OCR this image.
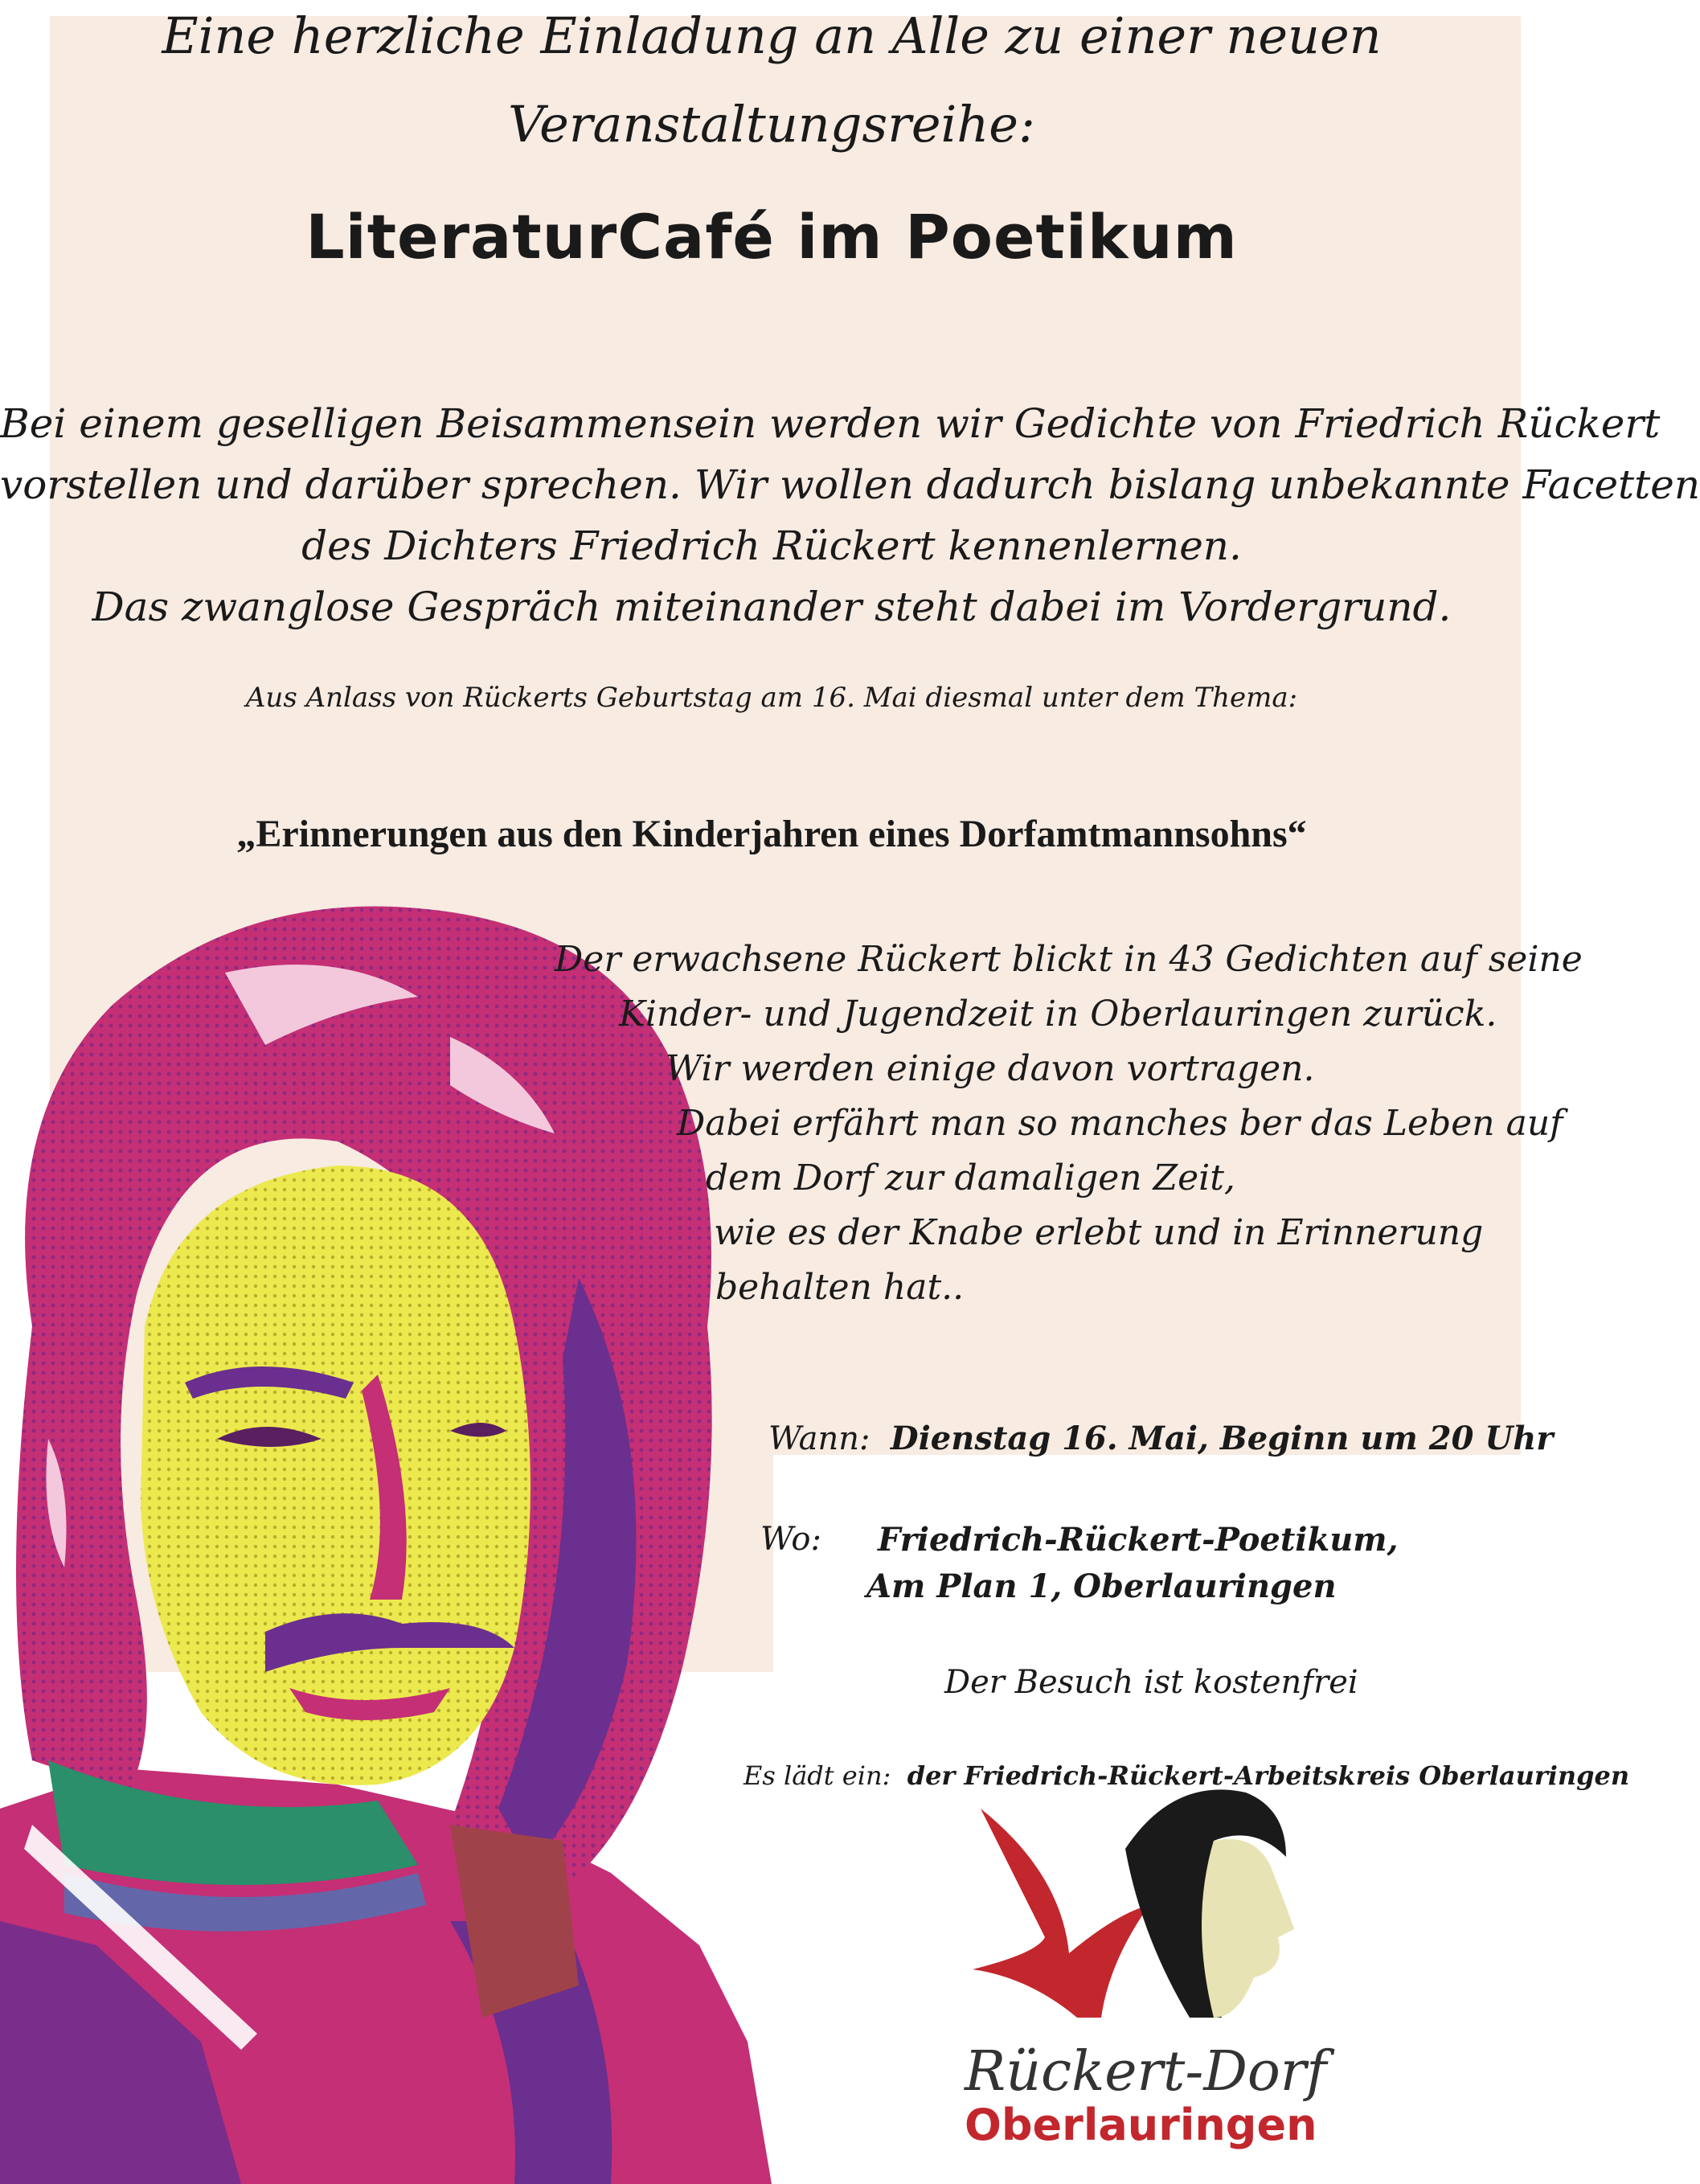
Eine herzliche Einladung an Alle zu einer neuen
Veranstaltungsreihe:
LiteraturCafé im Poetikum
Bei einem geselligen Beisammensein werden wir Gedichte von Friedrich Rückert
vorstellen und darüber sprechen. Wir wollen dadurch bislang unbekannte Facetten
des Dichters Friedrich Rückert kennenlernen.
Das zwanglose Gespräch miteinander steht dabei im Vordergrund.
Aus Anlass von Rückerts Geburtstag am 16. Mai diesmal unter dem Thema:
„Erinnerungen aus den Kinderjahren eines Dorfamtmannsohns“
Der erwachsene Rückert blickt in 43 Gedichten auf seine
Kinder- und Jugendzeit in Oberlauringen zurück.
Wir werden einige davon vortragen.
Dabei erfährt man so manches ber das Leben auf
dem Dorf zur damaligen Zeit,
wie es der Knabe erlebt und in Erinnerung
behalten hat..
Wann: Dienstag 16. Mai, Beginn um 20 Uhr
Wo: Friedrich-Rückert-Poetikum,
Am Plan 1, Oberlauringen
Der Besuch ist kostenfrei
Es lädt ein: der Friedrich-Rückert-Arbeitskreis Oberlauringen
Rückert-Dorf
Oberlauringen
